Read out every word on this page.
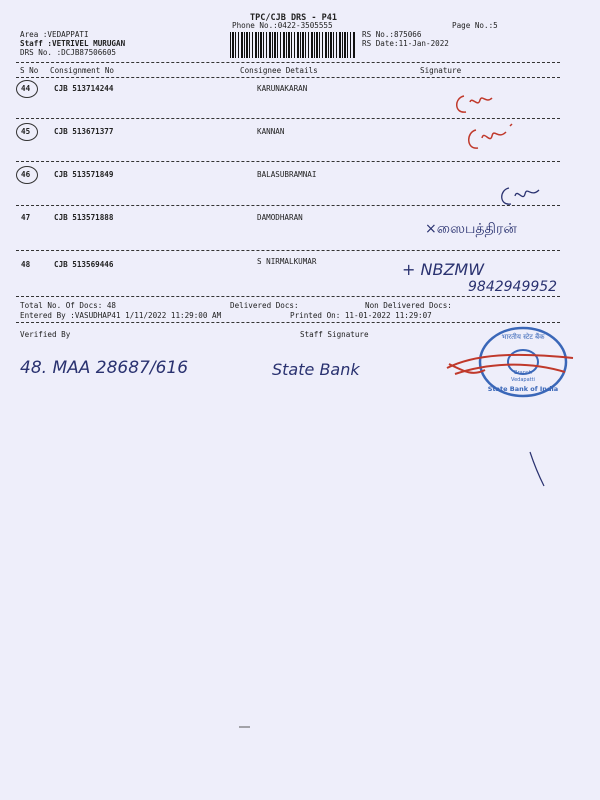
TPC/CJB DRS - P41
Phone No.:0422-3505555	Page No.:5
Area :VEDAPPATI
Staff :VETRIVEL MURUGAN
DRS No. :DCJB87506605
RS No.:875066
RS Date:11-Jan-2022
S No Consignment No	Consignee Details	Signature
44	CJB 513714244	KARUNAKARAN
45	CJB 513671377	KANNAN
46	CJB 513571849	BALASUBRAMNAI
47	CJB 513571888	DAMODHARAN
48	CJB 513569446	S NIRMALKUMAR
×ஸைபத்திரன்
+ NBZMW
9842949952
Total No. Of Docs: 48	Delivered Docs:	Non Delivered Docs:
Entered By :VASUDHAP41 1/11/2022 11:29:00 AM	Printed On: 11-01-2022 11:29:07
Verified By	Staff Signature
48. MAA 28687/616	State Bank
भारतीय स्टेट बैंक
Branch
Vedapatti
State Bank of India
